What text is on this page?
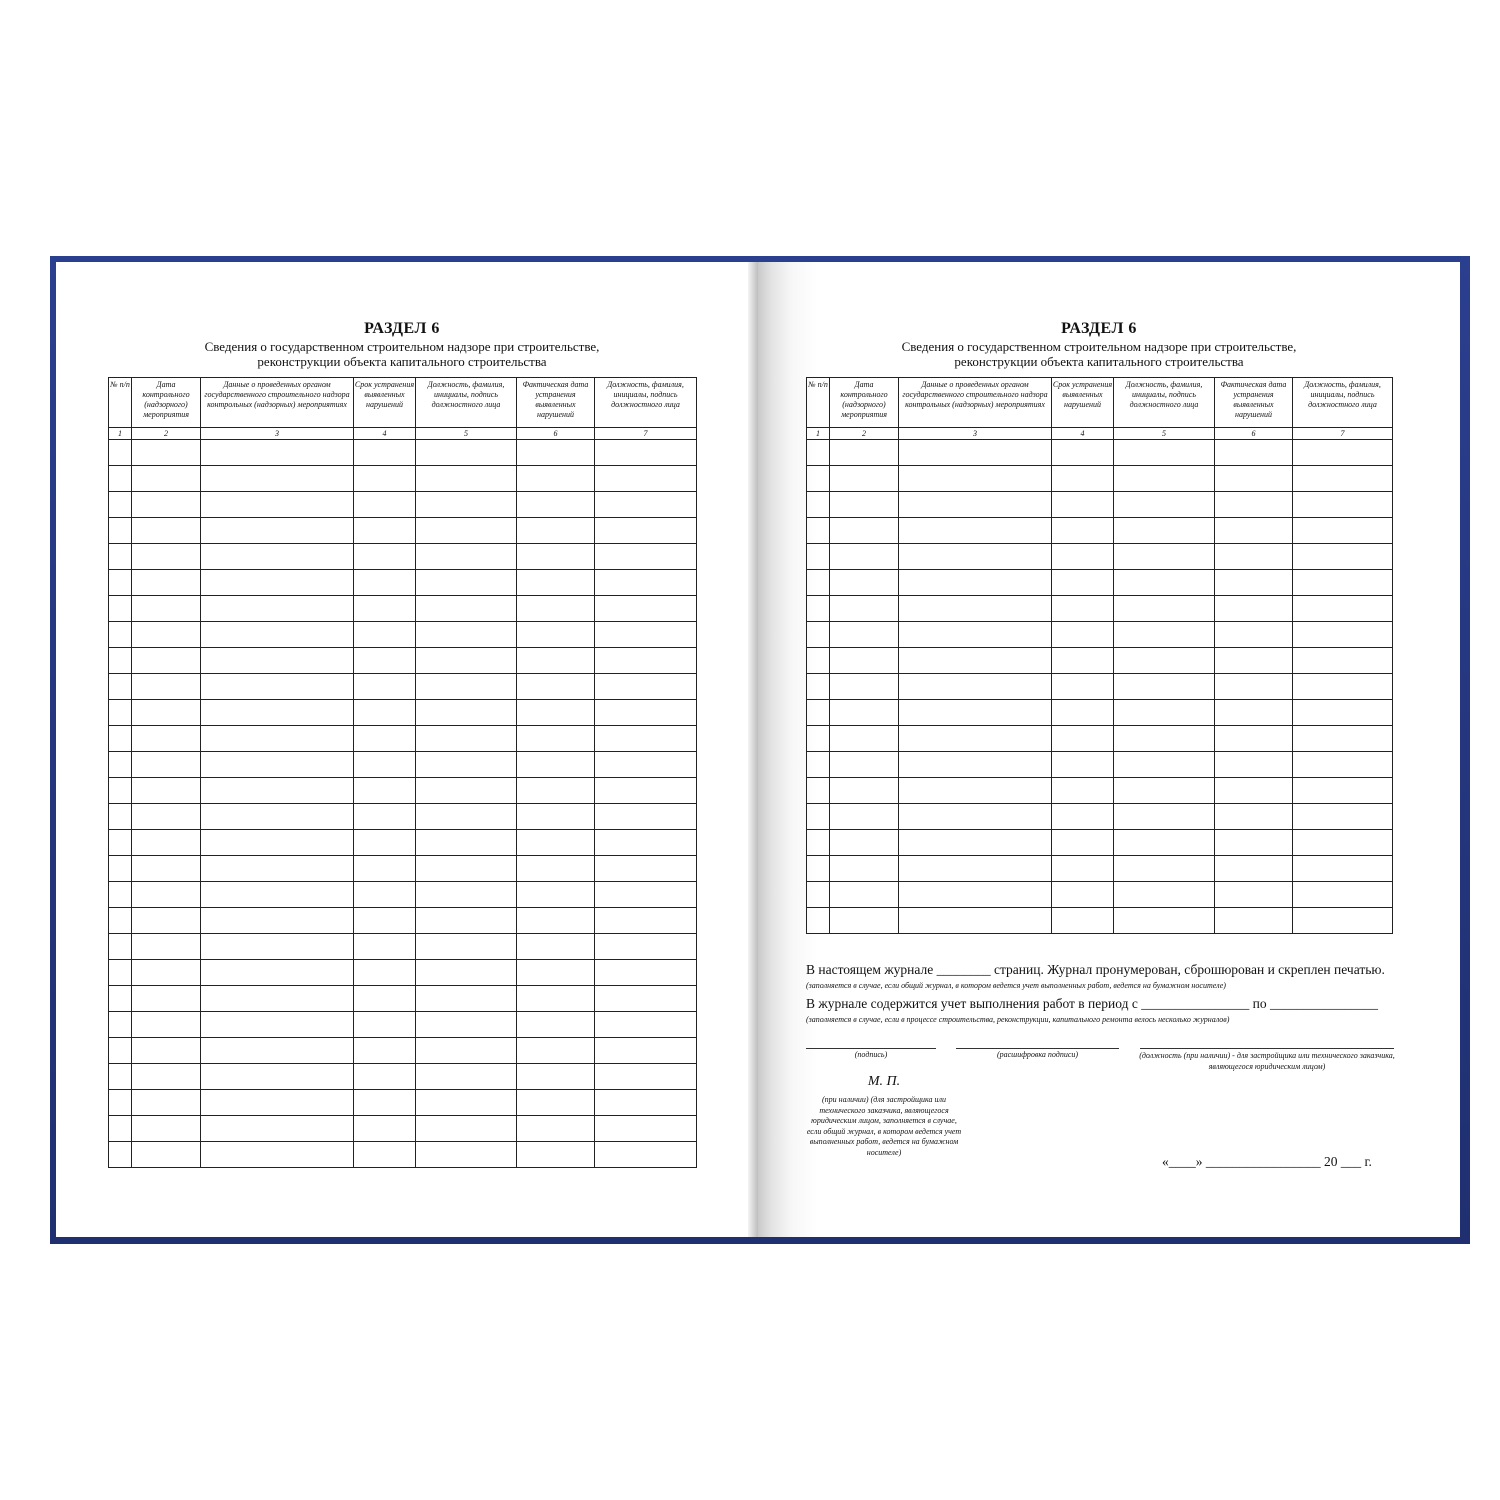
РАЗДЕЛ 6
Сведения о государственном строительном надзоре при строительстве,
реконструкции объекта капитального строительства
№ п/п	Дата контрольного (надзорного) мероприятия	Данные о проведенных органом государственного строительного надзора контрольных (надзорных) мероприятиях	Срок устранения выявленных нарушений	Должность, фамилия, инициалы, подпись должностного лица	Фактическая дата устранения выявленных нарушений	Должность, фамилия, инициалы, подпись должностного лица
1	2	3	4	5	6	7

РАЗДЕЛ 6
Сведения о государственном строительном надзоре при строительстве,
реконструкции объекта капитального строительства
№ п/п	Дата контрольного (надзорного) мероприятия	Данные о проведенных органом государственного строительного надзора контрольных (надзорных) мероприятиях	Срок устранения выявленных нарушений	Должность, фамилия, инициалы, подпись должностного лица	Фактическая дата устранения выявленных нарушений	Должность, фамилия, инициалы, подпись должностного лица
1	2	3	4	5	6	7

В настоящем журнале ________ страниц. Журнал пронумерован, сброшюрован и скреплен печатью.
(заполняется в случае, если общий журнал, в котором ведется учет выполненных работ, ведется на бумажном носителе)
В журнале содержится учет выполнения работ в период с ________________ по ________________
(заполняется в случае, если в процессе строительства, реконструкции, капитального ремонта велось несколько журналов)
(подпись)	(расшифровка подписи)	(должность (при наличии) - для застройщика или технического заказчика, являющегося юридическим лицом)
М. П.
(при наличии) (для застройщика или технического заказчика, являющегося юридическим лицом, заполняется в случае, если общий журнал, в котором ведется учет выполненных работ, ведется на бумажном носителе)
«____» _________________ 20 ___ г.
